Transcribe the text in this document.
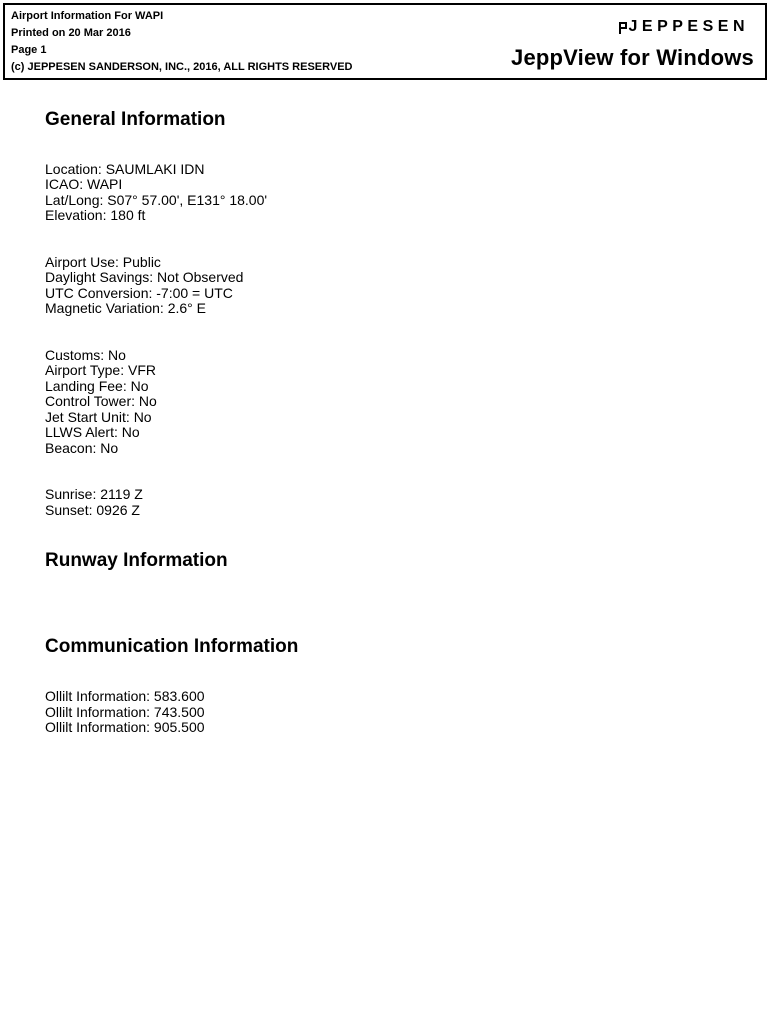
Airport Information For WAPI
Printed on 20 Mar 2016
Page 1
(c) JEPPESEN SANDERSON, INC., 2016, ALL RIGHTS RESERVED
JEPPESEN
JeppView for Windows
General Information
Location: SAUMLAKI IDN
ICAO: WAPI
Lat/Long: S07° 57.00', E131° 18.00'
Elevation: 180 ft
Airport Use: Public
Daylight Savings: Not Observed
UTC Conversion: -7:00 = UTC
Magnetic Variation: 2.6° E
Customs: No
Airport Type: VFR
Landing Fee: No
Control Tower: No
Jet Start Unit: No
LLWS Alert: No
Beacon: No
Sunrise: 2119 Z
Sunset: 0926 Z
Runway Information
Communication Information
Ollilt Information: 583.600
Ollilt Information: 743.500
Ollilt Information: 905.500
